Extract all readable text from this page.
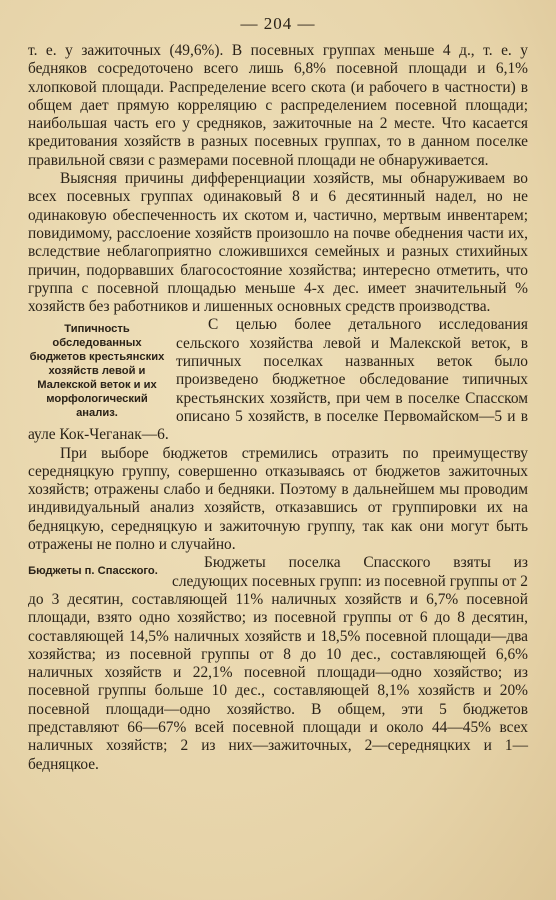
— 204 —

т. е. у зажиточных (49,6%). В посевных группах меньше 4 д., т. е. у бедняков сосредоточено всего лишь 6,8% посевной площади и 6,1% хлопковой площади. Распределение всего скота (и рабочего в частности) в общем дает прямую корреляцию с распределением посевной площади; наибольшая часть его у средняков, зажиточные на 2 месте. Что касается кредитования хозяйств в разных посевных группах, то в данном поселке правильной связи с размерами посевной площади не обнаруживается.

Выясняя причины дифференциации хозяйств, мы обнаруживаем во всех посевных группах одинаковый 8 и 6 десятинный надел, но не одинаковую обеспеченность их скотом и, частично, мертвым инвентарем; повидимому, расслоение хозяйств произошло на почве обеднения части их, вследствие неблагоприятно сложившихся семейных и разных стихийных причин, подорвавших благосостояние хозяйства; интересно отметить, что группа с посевной площадью меньше 4-х дес. имеет значительный % хозяйств без работников и лишенных основных средств производства.

Типичность обследованных бюджетов крестьянских хозяйств левой и Малекской веток и их морфологический анализ.

С целью более детального исследования сельского хозяйства левой и Малекской веток, в типичных поселках названных веток было произведено бюджетное обследование типичных крестьянских хозяйств, при чем в поселке Спасском описано 5 хозяйств, в поселке Первомайском—5 и в ауле Кок-Чеганак—6.

При выборе бюджетов стремились отразить по преимуществу середняцкую группу, совершенно отказываясь от бюджетов зажиточных хозяйств; отражены слабо и бедняки. Поэтому в дальнейшем мы проводим индивидуальный анализ хозяйств, отказавшись от группировки их на бедняцкую, середняцкую и зажиточную группу, так как они могут быть отражены не полно и случайно.

Бюджеты п. Спасского.	Бюджеты поселка Спасского взяты из следующих посевных групп: из посевной группы от 2 до 3 десятин, составляющей 11% наличных хозяйств и 6,7% посевной площади, взято одно хозяйство; из посевной группы от 6 до 8 десятин, составляющей 14,5% наличных хозяйств и 18,5% посевной площади—два хозяйства; из посевной группы от 8 до 10 дес., составляющей 6,6% наличных хозяйств и 22,1% посевной площади—одно хозяйство; из посевной группы больше 10 дес., составляющей 8,1% хозяйств и 20% посевной площади—одно хозяйство. В общем, эти 5 бюджетов представляют 66—67% всей посевной площади и около 44—45% всех наличных хозяйств; 2 из них—зажиточных, 2—середняцких и 1—бедняцкое.
